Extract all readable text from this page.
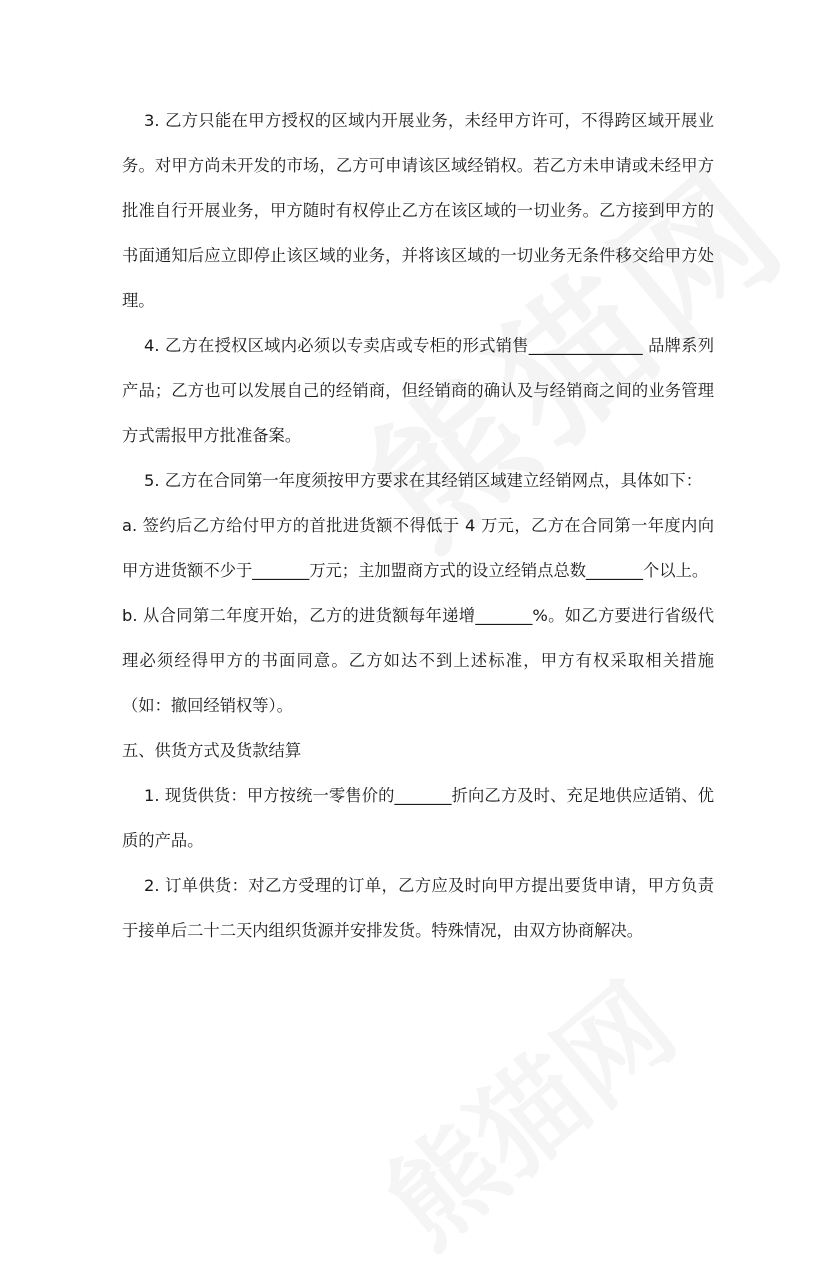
3. 乙方只能在甲方授权的区域内开展业务，未经甲方许可，不得跨区域开展业务。对甲方尚未开发的市场，乙方可申请该区域经销权。若乙方未申请或未经甲方批准自行开展业务，甲方随时有权停止乙方在该区域的一切业务。乙方接到甲方的书面通知后应立即停止该区域的业务，并将该区域的一切业务无条件移交给甲方处理。

4. 乙方在授权区域内必须以专卖店或专柜的形式销售______________ 品牌系列产品；乙方也可以发展自己的经销商，但经销商的确认及与经销商之间的业务管理方式需报甲方批准备案。

5. 乙方在合同第一年度须按甲方要求在其经销区域建立经销网点，具体如下：

a. 签约后乙方给付甲方的首批进货额不得低于 4 万元，乙方在合同第一年度内向甲方进货额不少于_______万元；主加盟商方式的设立经销点总数_______个以上。

b. 从合同第二年度开始，乙方的进货额每年递增_______%。如乙方要进行省级代理必须经得甲方的书面同意。乙方如达不到上述标准，甲方有权采取相关措施（如：撤回经销权等）。

五、供货方式及货款结算

1. 现货供货：甲方按统一零售价的_______折向乙方及时、充足地供应适销、优质的产品。

2. 订单供货：对乙方受理的订单，乙方应及时向甲方提出要货申请，甲方负责于接单后二十二天内组织货源并安排发货。特殊情况，由双方协商解决。
